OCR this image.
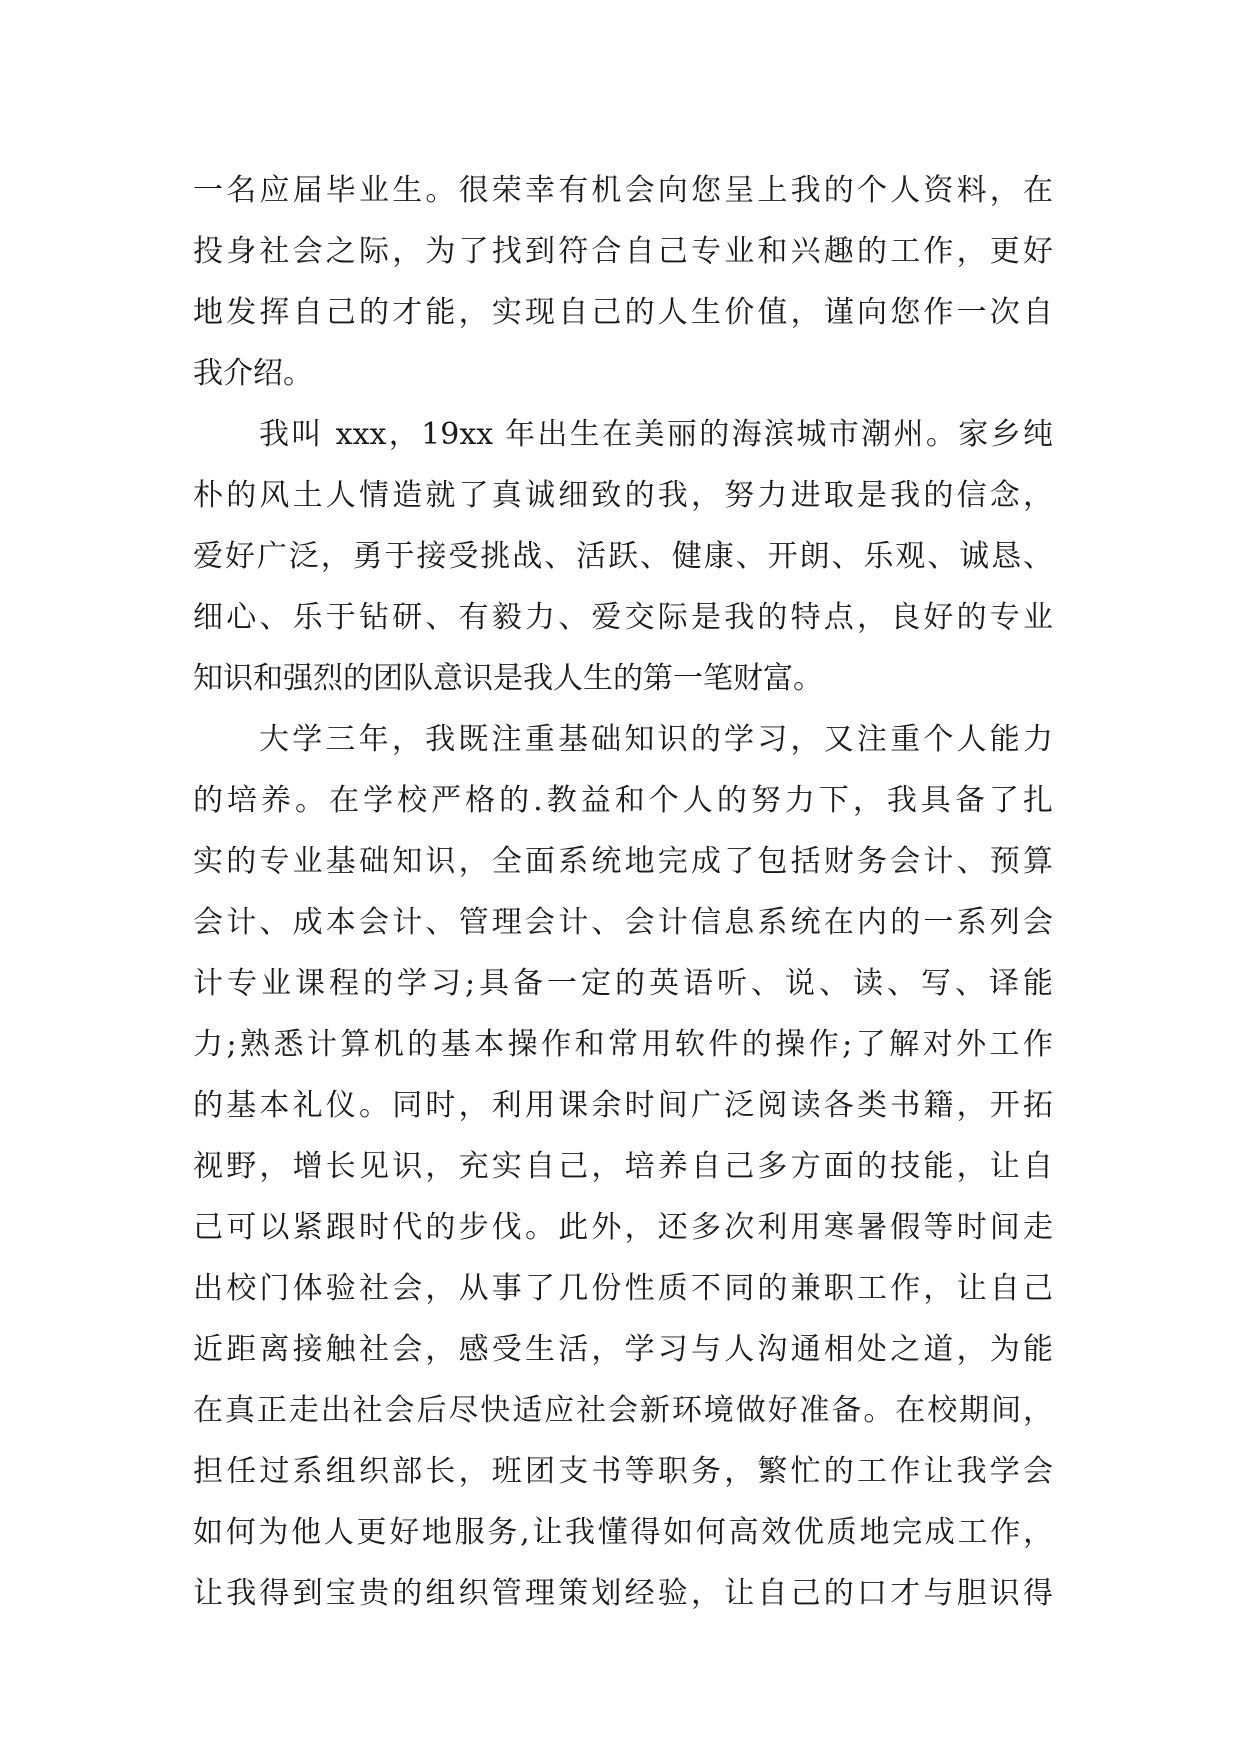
一名应届毕业生。很荣幸有机会向您呈上我的个人资料，在
投身社会之际，为了找到符合自己专业和兴趣的工作，更好
地发挥自己的才能，实现自己的人生价值，谨向您作一次自
我介绍。
我叫 xxx，19xx 年出生在美丽的海滨城市潮州。家乡纯
朴的风土人情造就了真诚细致的我，努力进取是我的信念，
爱好广泛，勇于接受挑战、活跃、健康、开朗、乐观、诚恳、
细心、乐于钻研、有毅力、爱交际是我的特点，良好的专业
知识和强烈的团队意识是我人生的第一笔财富。
大学三年，我既注重基础知识的学习，又注重个人能力
的培养。在学校严格的.教益和个人的努力下，我具备了扎
实的专业基础知识，全面系统地完成了包括财务会计、预算
会计、成本会计、管理会计、会计信息系统在内的一系列会
计专业课程的学习;具备一定的英语听、说、读、写、译能
力;熟悉计算机的基本操作和常用软件的操作;了解对外工作
的基本礼仪。同时，利用课余时间广泛阅读各类书籍，开拓
视野，增长见识，充实自己，培养自己多方面的技能，让自
己可以紧跟时代的步伐。此外，还多次利用寒暑假等时间走
出校门体验社会，从事了几份性质不同的兼职工作，让自己
近距离接触社会，感受生活，学习与人沟通相处之道，为能
在真正走出社会后尽快适应社会新环境做好准备。在校期间，
担任过系组织部长，班团支书等职务，繁忙的工作让我学会
如何为他人更好地服务,让我懂得如何高效优质地完成工作，
让我得到宝贵的组织管理策划经验，让自己的口才与胆识得
